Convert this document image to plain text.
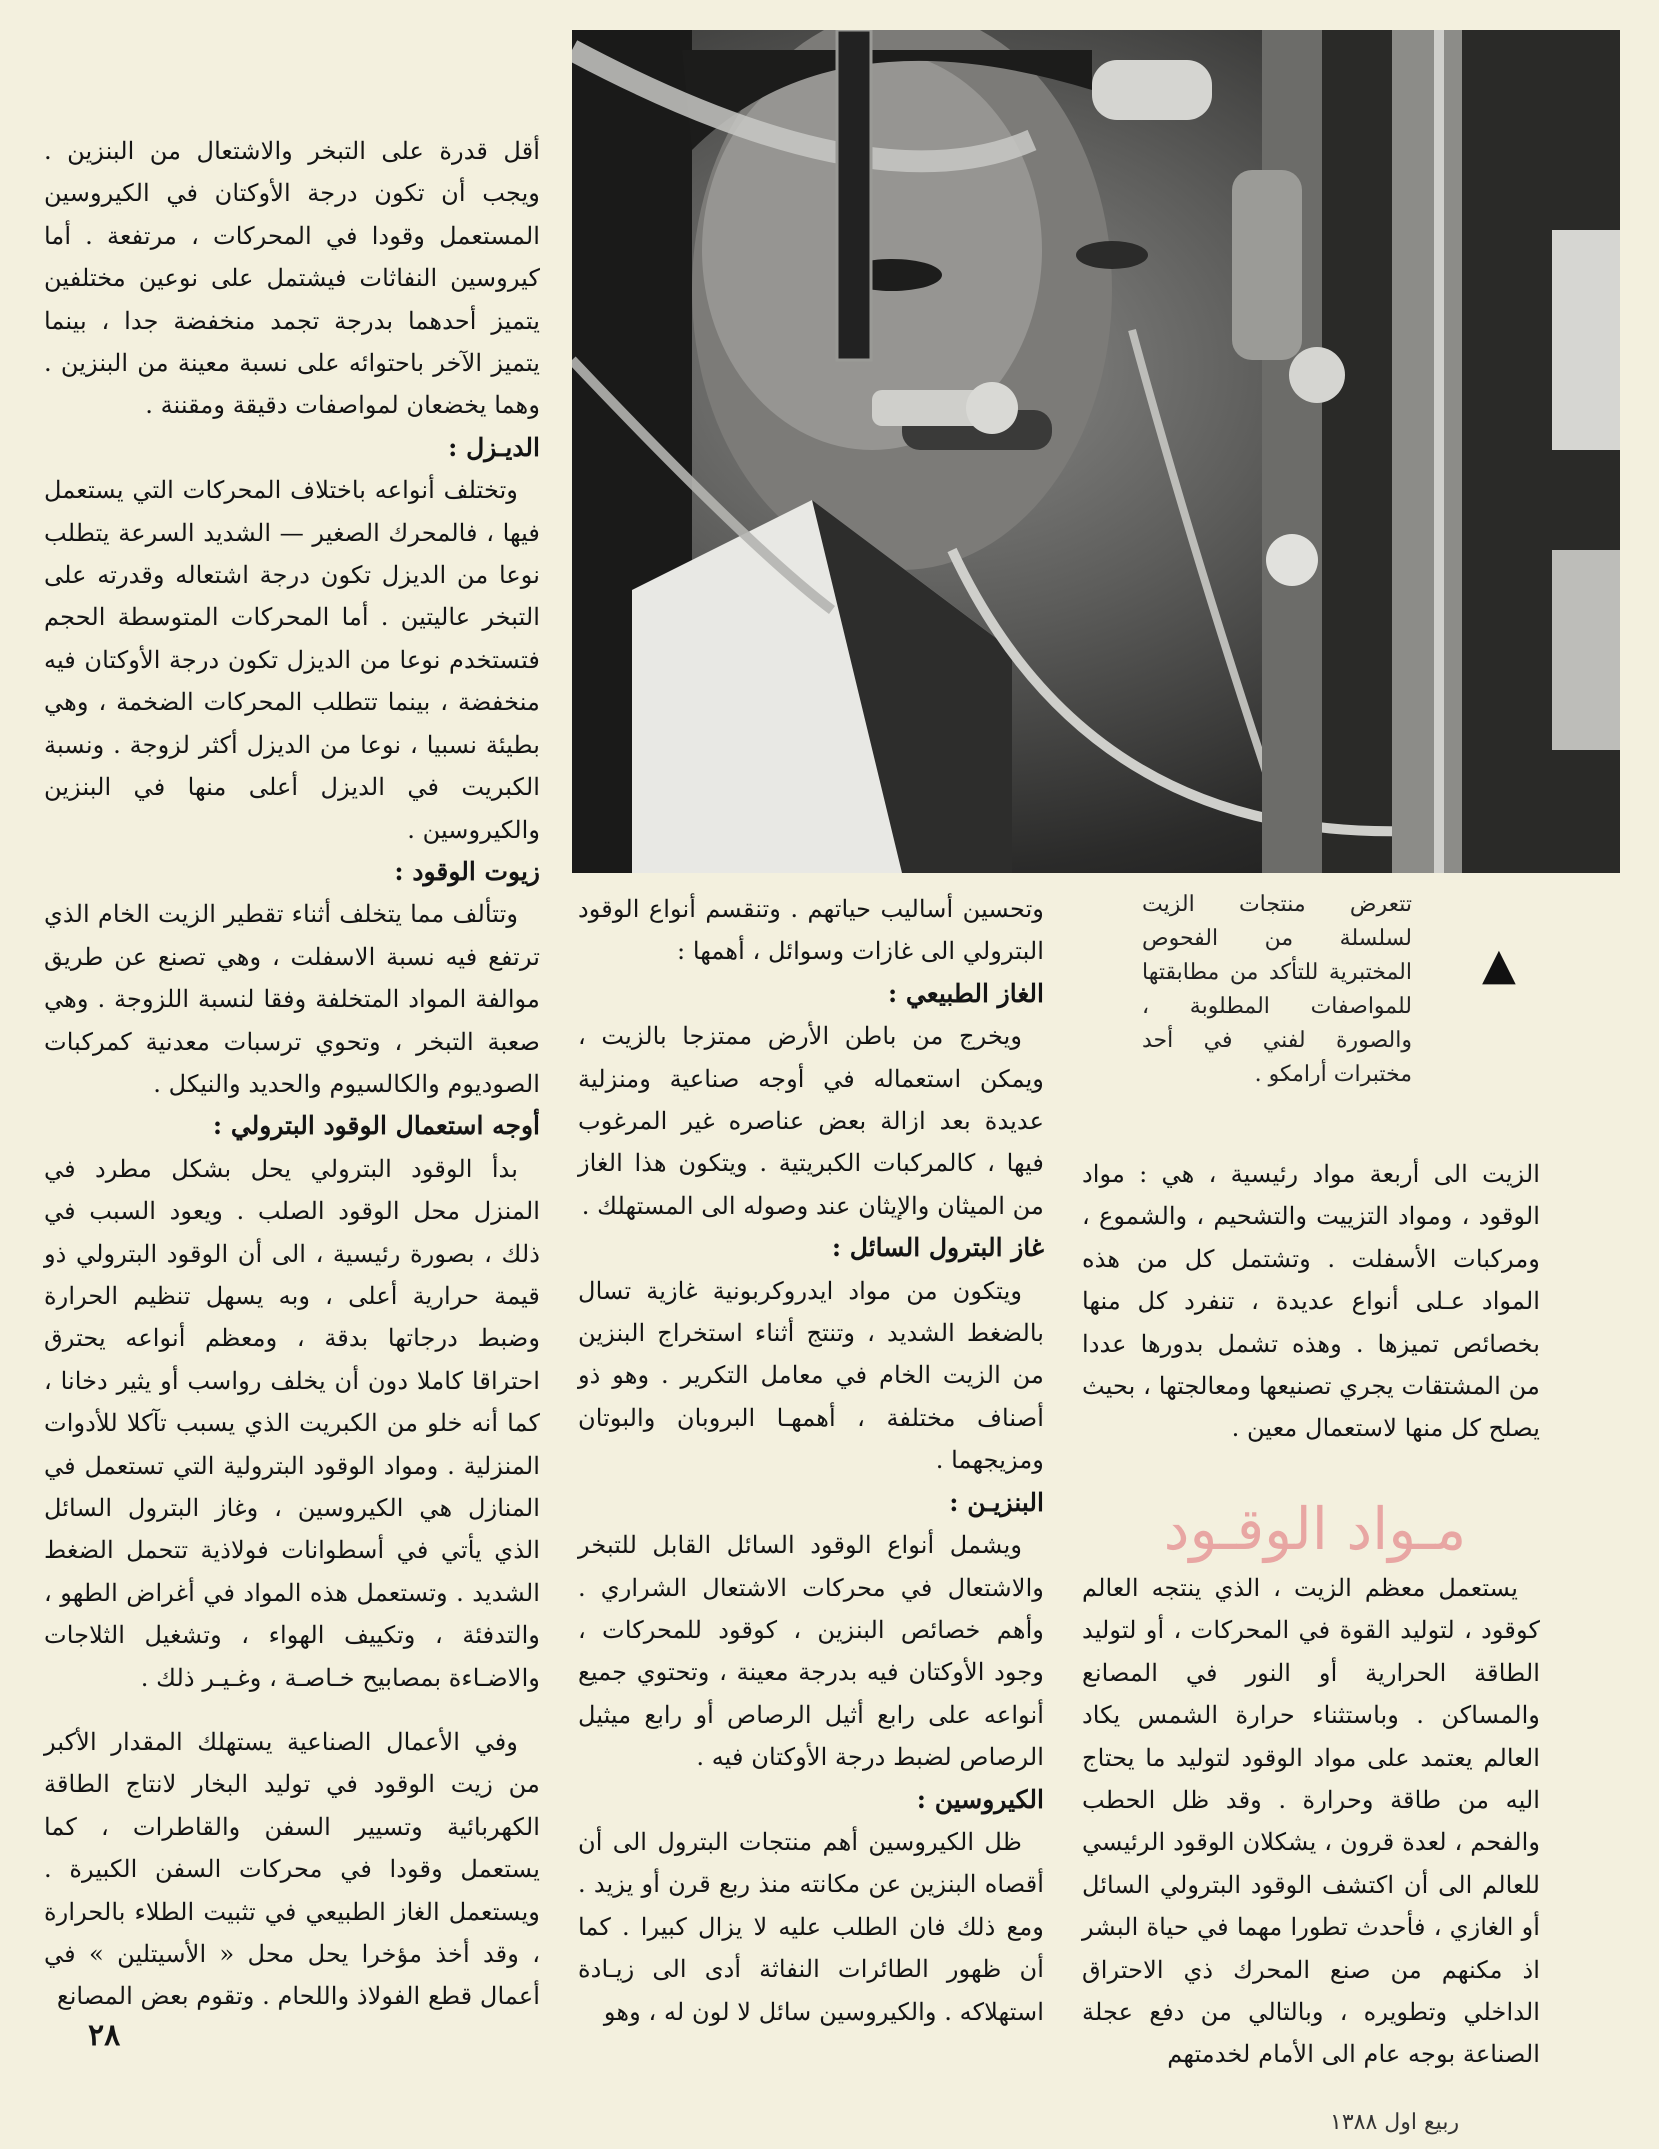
أقل قدرة على التبخر والاشتعال من البنزين . ويجب أن تكون درجة الأوكتان في الكيروسين المستعمل وقودا في المحركات ، مرتفعة . أما كيروسين النفاثات فيشتمل على نوعين مختلفين يتميز أحدهما بدرجة تجمد منخفضة جدا ، بينما يتميز الآخر باحتوائه على نسبة معينة من البنزين . وهما يخضعان لمواصفات دقيقة ومقننة .

الديـزل :

وتختلف أنواعه باختلاف المحركات التي يستعمل فيها ، فالمحرك الصغير — الشديد السرعة يتطلب نوعا من الديزل تكون درجة اشتعاله وقدرته على التبخر عاليتين . أما المحركات المتوسطة الحجم فتستخدم نوعا من الديزل تكون درجة الأوكتان فيه منخفضة ، بينما تتطلب المحركات الضخمة ، وهي بطيئة نسبيا ، نوعا من الديزل أكثر لزوجة . ونسبة الكبريت في الديزل أعلى منها في البنزين والكيروسين .

زيوت الوقود :

وتتألف مما يتخلف أثناء تقطير الزيت الخام الذي ترتفع فيه نسبة الاسفلت ، وهي تصنع عن طريق موالفة المواد المتخلفة وفقا لنسبة اللزوجة . وهي صعبة التبخر ، وتحوي ترسبات معدنية كمركبات الصوديوم والكالسيوم والحديد والنيكل .

أوجه استعمال الوقود البترولي :

بدأ الوقود البترولي يحل بشكل مطرد في المنزل محل الوقود الصلب . ويعود السبب في ذلك ، بصورة رئيسية ، الى أن الوقود البترولي ذو قيمة حرارية أعلى ، وبه يسهل تنظيم الحرارة وضبط درجاتها بدقة ، ومعظم أنواعه يحترق احتراقا كاملا دون أن يخلف رواسب أو يثير دخانا ، كما أنه خلو من الكبريت الذي يسبب تآكلا للأدوات المنزلية . ومواد الوقود البترولية التي تستعمل في المنازل هي الكيروسين ، وغاز البترول السائل الذي يأتي في أسطوانات فولاذية تتحمل الضغط الشديد . وتستعمل هذه المواد في أغراض الطهو ، والتدفئة ، وتكييف الهواء ، وتشغيل الثلاجات والاضـاءة بمصابيح خـاصـة ، وغـيـر ذلك .

وفي الأعمال الصناعية يستهلك المقدار الأكبر من زيت الوقود في توليد البخار لانتاج الطاقة الكهربائية وتسيير السفن والقاطرات ، كما يستعمل وقودا في محركات السفن الكبيرة . ويستعمل الغاز الطبيعي في تثبيت الطلاء بالحرارة ، وقد أخذ مؤخرا يحل محل « الأسيتلين » في أعمال قطع الفولاذ واللحام . وتقوم بعض المصانع

وتحسين أساليب حياتهم . وتنقسم أنواع الوقود البترولي الى غازات وسوائل ، أهمها :

الغاز الطبيعي :

ويخرج من باطن الأرض ممتزجا بالزيت ، ويمكن استعماله في أوجه صناعية ومنزلية عديدة بعد ازالة بعض عناصره غير المرغوب فيها ، كالمركبات الكبريتية . ويتكون هذا الغاز من الميثان والإيثان عند وصوله الى المستهلك .

غاز البترول السائل :

ويتكون من مواد ايدروكربونية غازية تسال بالضغط الشديد ، وتنتج أثناء استخراج البنزين من الزيت الخام في معامل التكرير . وهو ذو أصناف مختلفة ، أهمهـا البروبان والبوتان ومزيجهما .

البنزيـن :

ويشمل أنواع الوقود السائل القابل للتبخر والاشتعال في محركات الاشتعال الشراري . وأهم خصائص البنزين ، كوقود للمحركات ، وجود الأوكتان فيه بدرجة معينة ، وتحتوي جميع أنواعه على رابع أثيل الرصاص أو رابع ميثيل الرصاص لضبط درجة الأوكتان فيه .

الكيروسين :

ظل الكيروسين أهم منتجات البترول الى أن أقصاه البنزين عن مكانته منذ ربع قرن أو يزيد . ومع ذلك فان الطلب عليه لا يزال كبيرا . كما أن ظهور الطائرات النفاثة أدى الى زيـادة استهلاكه . والكيروسين سائل لا لون له ، وهو

تتعرض منتجات الزيت لسلسلة من الفحوص المختبرية للتأكد من مطابقتها للمواصفات المطلوبة ، والصورة لفني في أحد مختبرات أرامكو .
▲

الزيت الى أربعة مواد رئيسية ، هي : مواد الوقود ، ومواد التزييت والتشحيم ، والشموع ، ومركبات الأسفلت . وتشتمل كل من هذه المواد عـلى أنواع عديدة ، تنفرد كل منها بخصائص تميزها . وهذه تشمل بدورها عددا من المشتقات يجري تصنيعها ومعالجتها ، بحيث يصلح كل منها لاستعمال معين .

مـواد الوقـود

يستعمل معظم الزيت ، الذي ينتجه العالم كوقود ، لتوليد القوة في المحركات ، أو لتوليد الطاقة الحرارية أو النور في المصانع والمساكن . وباستثناء حرارة الشمس يكاد العالم يعتمد على مواد الوقود لتوليد ما يحتاج اليه من طاقة وحرارة . وقد ظل الحطب والفحم ، لعدة قرون ، يشكلان الوقود الرئيسي للعالم الى أن اكتشف الوقود البترولي السائل أو الغازي ، فأحدث تطورا مهما في حياة البشر اذ مكنهم من صنع المحرك ذي الاحتراق الداخلي وتطويره ، وبالتالي من دفع عجلة الصناعة بوجه عام الى الأمام لخدمتهم

٢٨
ربيع اول ١٣٨٨
